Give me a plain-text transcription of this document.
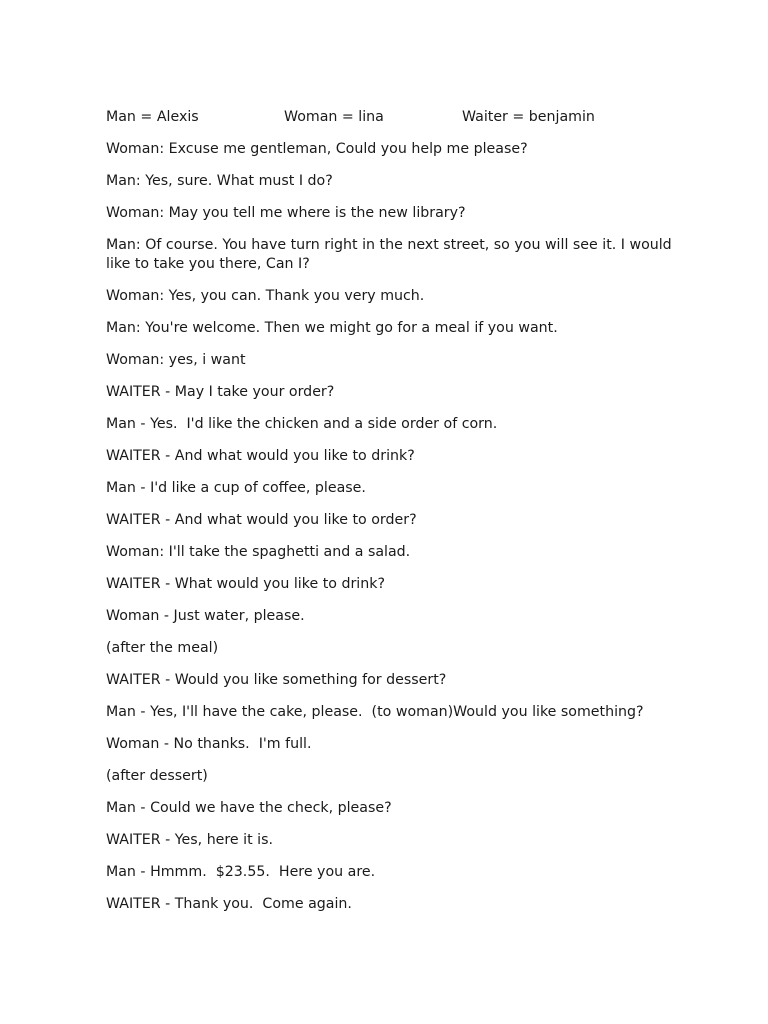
Man = Alexis	Woman = lina	Waiter = benjamin

Woman: Excuse me gentleman, Could you help me please?

Man: Yes, sure. What must I do?

Woman: May you tell me where is the new library?

Man: Of course. You have turn right in the next street, so you will see it. I would like to take you there, Can I?

Woman: Yes, you can. Thank you very much.

Man: You're welcome. Then we might go for a meal if you want.

Woman: yes, i want

WAITER - May I take your order?

Man - Yes.  I'd like the chicken and a side order of corn.

WAITER - And what would you like to drink?

Man - I'd like a cup of coffee, please.

WAITER - And what would you like to order?

Woman: I'll take the spaghetti and a salad.

WAITER - What would you like to drink?

Woman - Just water, please.

(after the meal)

WAITER - Would you like something for dessert?

Man - Yes, I'll have the cake, please.  (to woman)Would you like something?

Woman - No thanks.  I'm full.

(after dessert)

Man - Could we have the check, please?

WAITER - Yes, here it is.

Man - Hmmm.  $23.55.  Here you are.

WAITER - Thank you.  Come again.
